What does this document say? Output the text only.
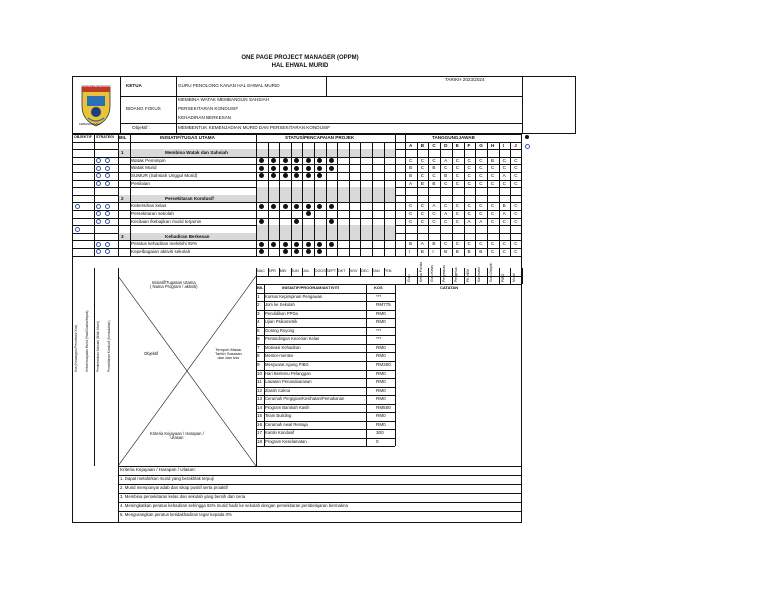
ONE PAGE PROJECT MANAGER (OPPM)
HAL EHWAL MURID
SEKOLAH MENENGAH
KEBANGSAAN
KETUA	GURU PENOLONG KANAN HAL EHWAL MURID
TARIKH 2023/2024
BIDANG FOKUS
MEMBINA WATAK MEMBANGUN SAHSIAH
PERSEKITARAN KONDUSIF
KEHADIRAN BERKESAN
Objektif :	MEMBENTUK KEMENJADIAN MURID DAN PERSEKITARAN KONDUSIF
OBJEKTIF STRATEGI BIL	INISIATIF/TUGAS UTAMA	STATUS/PENCAPAIAN PROJEK	TANGGUNGJAWAB
A B C D E F G H I J
1	Membina Watak dan Sahsiah
Watak Pemimpin	C C C A C C C B C C
Watak Murid	B C B C C C C C C C
SUMUR (Sahsiah Unggul Murid)	B C C B C C C C A C
Penilaian	A B B C C C C C C C
2	Persekitaran Kondusif
Kebersihan kelas	C C A C C C C C B C
Persekitaran sekolah	C C C A C C C C A C
Kecitaan /kebajikan murid terjamin	C C C C C A A C C C
3	Kehadiran Berkesan
Peratus kehadiran melebihi 92%	B A B C C C C C C C
Kepelbagaian aktiviti sekolah	I B I B B B B C C C
Kos (Kewangan /Perolehan/ Kos) Kebolehcapaian Murid (Hasil/Usaha/Impak) Pembentukan Sahsiah (Nilai/ Murni) Persekitaran Kondusif (Kemudahan)
Inisiatif/Tugasan Utama
( Nama Program / aktiviti)
Objektif
Tempoh Masa/
Tarikh Sasaran
dan dan kos
Kriteria Kejayaan / Harapan /
Ulasan
MAC APR MEI JUN JUL OGOS SEPT OKT NOV DEC JAN FEB
Guru Ketua Panitia Guru Kelas Penyelaras Pengetua PK HEM Kaunselor Guru Disiplin PIBG Murid
BIL	INISIATIF/PROGRAM/AKTIVITI	KOS	CATATAN
1 Kursus Kepimpinan Pengawas	***
2 Jom ke Sekolah	RM775
3 Pendidikan PPDa	RM0
4 Ujian Psikometrik	RM0
5 Gotong Royong	***
6 Pertandingan Kecerian Kelas	***
7 Motivasi Kehadiran	RM0
8 Mentor-mentee	RM0
9 Mesyuarat Agung PIBG	RM300
10 Hari Bertemu Pelanggan	RM0
11 Lawatan Penandaarasan	RM0
12 Ziarah Cakna	RM0
13 Ceramah Pergigian/Kesihatan/Pemakanan	RM0
14 Program Barokah Kasih	RM500
15 Team Building	RM0
16 Ceramah Awal Remaja	RM0
17 Kantin Kondusif	300
18 Program Keselamatan	0
Kriteria Kejayaan / Harapan / Ulasan:
1. Dapat melahirkan murid yang berakhlak terpuji
2. Murid mempunyai adab dan sikap positif serta proaktif
3. Membina persekitaran kelas dan sekolah yang bersih dan ceria
4. Meningkatkan peratus kehadiran sehingga 92% murid hadir ke sekolah dengan persekitaran pembelajaran bermakna
5. Mengurangkan peratus ketidakhadiran tegar kepada 0%
